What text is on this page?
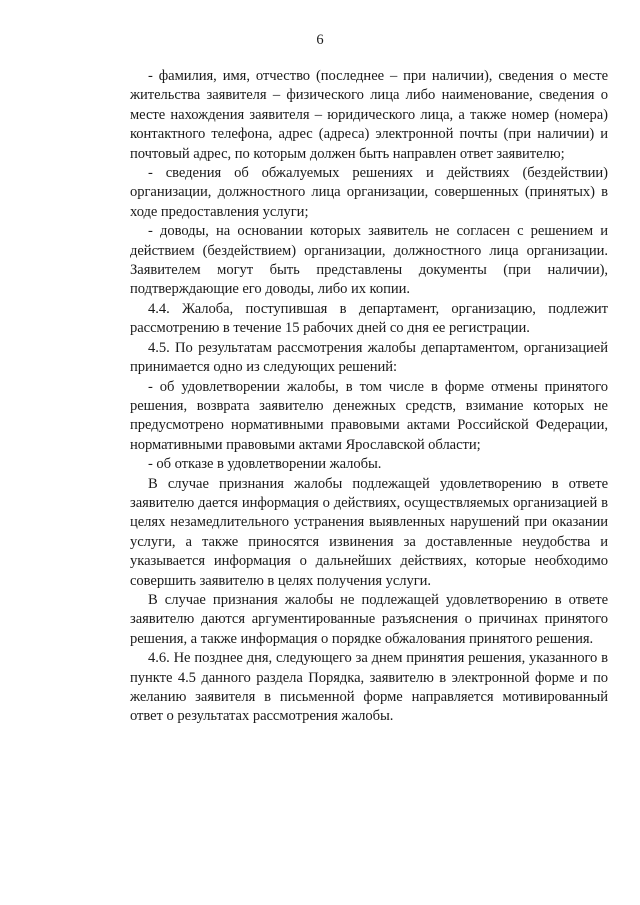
6

- фамилия, имя, отчество (последнее – при наличии), сведения о месте жительства заявителя – физического лица либо наименование, сведения о месте нахождения заявителя – юридического лица, а также номер (номера) контактного телефона, адрес (адреса) электронной почты (при наличии) и почтовый адрес, по которым должен быть направлен ответ заявителю;

- сведения об обжалуемых решениях и действиях (бездействии) организации, должностного лица организации, совершенных (принятых) в ходе предоставления услуги;

- доводы, на основании которых заявитель не согласен с решением и действием (бездействием) организации, должностного лица организации. Заявителем могут быть представлены документы (при наличии), подтверждающие его доводы, либо их копии.

4.4. Жалоба, поступившая в департамент, организацию, подлежит рассмотрению в течение 15 рабочих дней со дня ее регистрации.

4.5. По результатам рассмотрения жалобы департаментом, организацией принимается одно из следующих решений:

- об удовлетворении жалобы, в том числе в форме отмены принятого решения, возврата заявителю денежных средств, взимание которых не предусмотрено нормативными правовыми актами Российской Федерации, нормативными правовыми актами Ярославской области;

- об отказе в удовлетворении жалобы.

В случае признания жалобы подлежащей удовлетворению в ответе заявителю дается информация о действиях, осуществляемых организацией в целях незамедлительного устранения выявленных нарушений при оказании услуги, а также приносятся извинения за доставленные неудобства и указывается информация о дальнейших действиях, которые необходимо совершить заявителю в целях получения услуги.

В случае признания жалобы не подлежащей удовлетворению в ответе заявителю даются аргументированные разъяснения о причинах принятого решения, а также информация о порядке обжалования принятого решения.

4.6. Не позднее дня, следующего за днем принятия решения, указанного в пункте 4.5 данного раздела Порядка, заявителю в электронной форме и по желанию заявителя в письменной форме направляется мотивированный ответ о результатах рассмотрения жалобы.
